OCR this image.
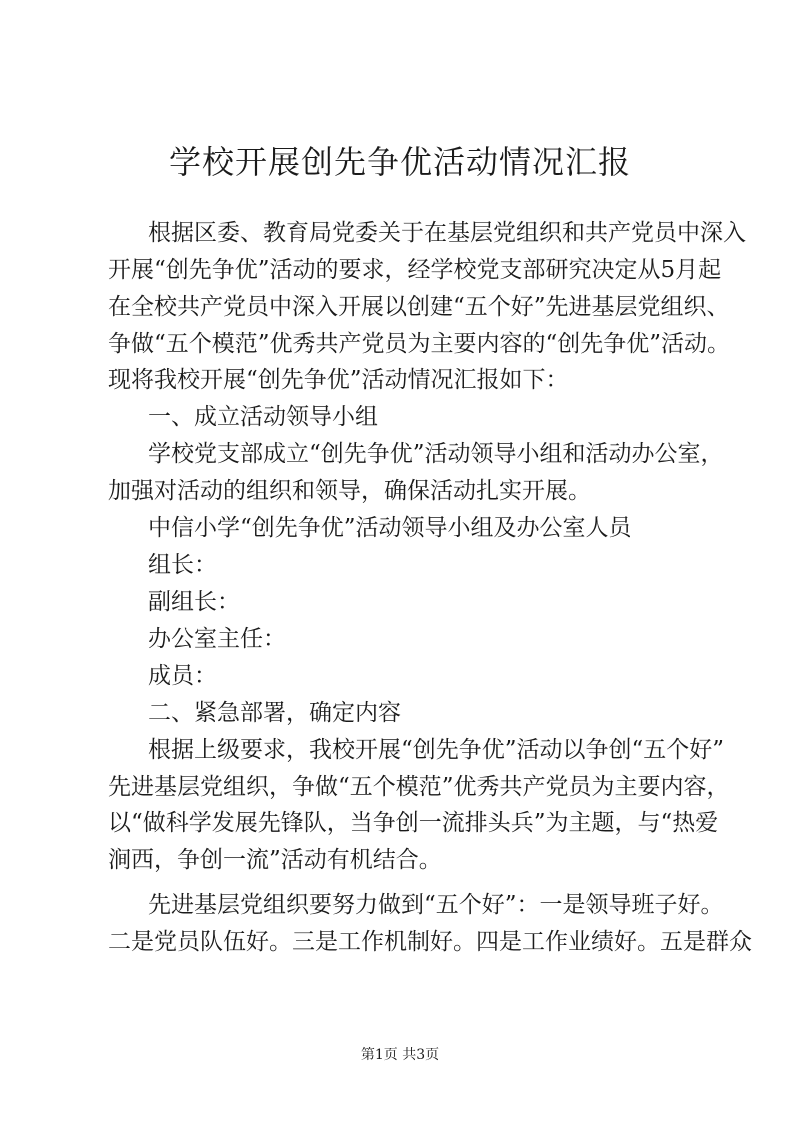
学校开展创先争优活动情况汇报
根据区委、教育局党委关于在基层党组织和共产党员中深入
开展“创先争优”活动的要求，经学校党支部研究决定从5月起
在全校共产党员中深入开展以创建“五个好”先进基层党组织、
争做“五个模范”优秀共产党员为主要内容的“创先争优”活动。
现将我校开展“创先争优”活动情况汇报如下：
一、成立活动领导小组
学校党支部成立“创先争优”活动领导小组和活动办公室，
加强对活动的组织和领导，确保活动扎实开展。
中信小学“创先争优”活动领导小组及办公室人员
组长：
副组长：
办公室主任：
成员：
二、紧急部署，确定内容
根据上级要求，我校开展“创先争优”活动以争创“五个好”
先进基层党组织，争做“五个模范”优秀共产党员为主要内容，
以“做科学发展先锋队，当争创一流排头兵”为主题，与“热爱
涧西，争创一流”活动有机结合。
先进基层党组织要努力做到“五个好”：一是领导班子好。
二是党员队伍好。三是工作机制好。四是工作业绩好。五是群众
第1页 共3页
